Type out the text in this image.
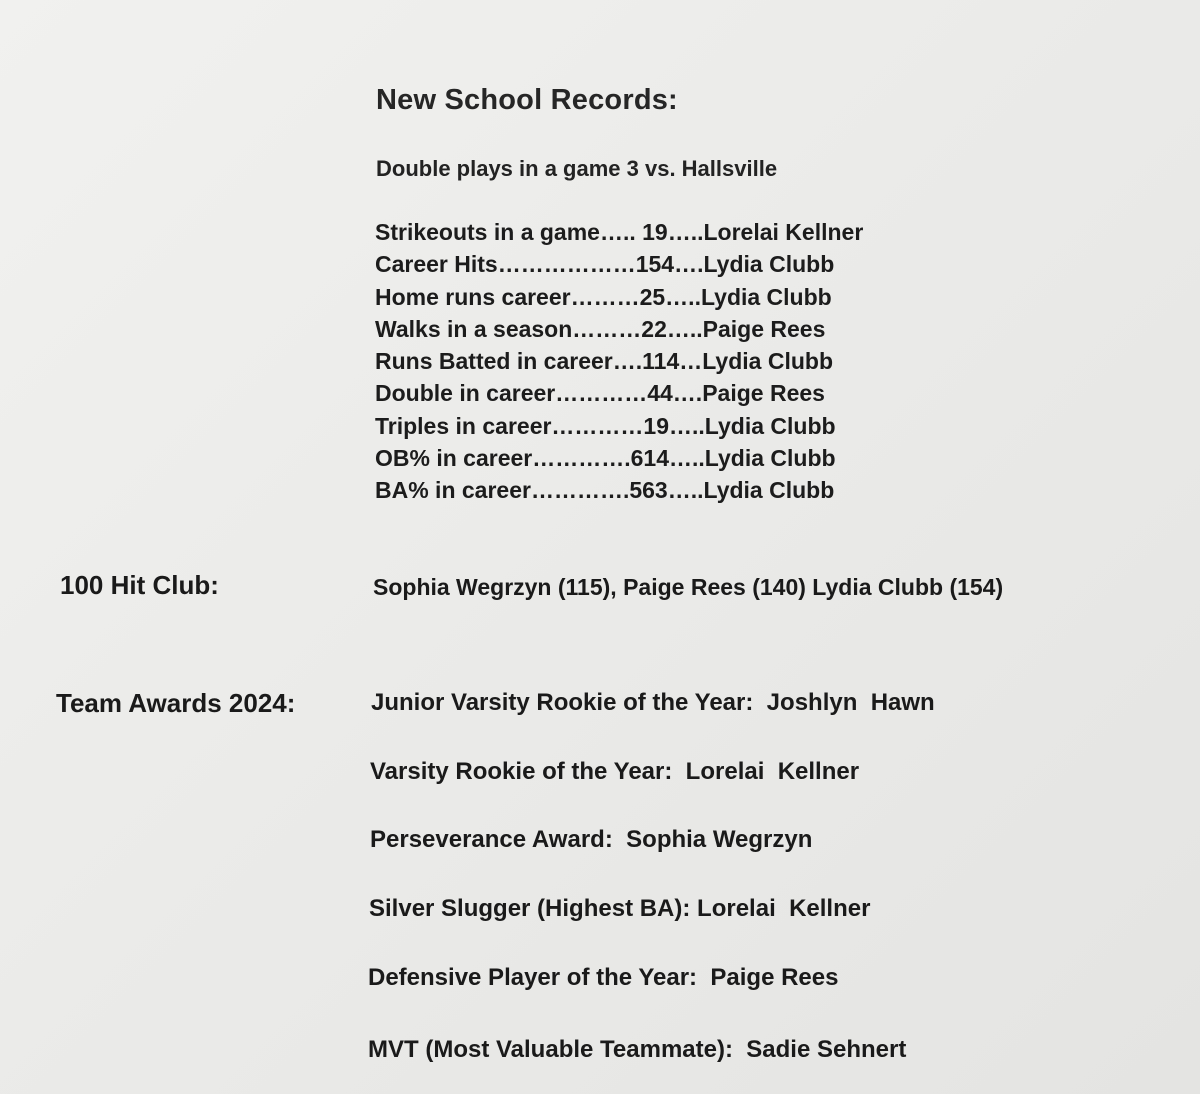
New School Records:
Double plays in a game 3 vs. Hallsville
Strikeouts in a game….. 19…..Lorelai Kellner
Career Hits………………154….Lydia Clubb
Home runs career………25…..Lydia Clubb
Walks in a season………22…..Paige Rees
Runs Batted in career….114…Lydia Clubb
Double in career…………44….Paige Rees
Triples in career…………19…..Lydia Clubb
OB% in career………….614…..Lydia Clubb
BA% in career………….563…..Lydia Clubb
100 Hit Club:	Sophia Wegrzyn (115), Paige Rees (140) Lydia Clubb (154)
Team Awards 2024:	Junior Varsity Rookie of the Year:  Joshlyn  Hawn
Varsity Rookie of the Year:  Lorelai  Kellner
Perseverance Award:  Sophia Wegrzyn
Silver Slugger (Highest BA): Lorelai  Kellner
Defensive Player of the Year:  Paige Rees
MVT (Most Valuable Teammate):  Sadie Sehnert
